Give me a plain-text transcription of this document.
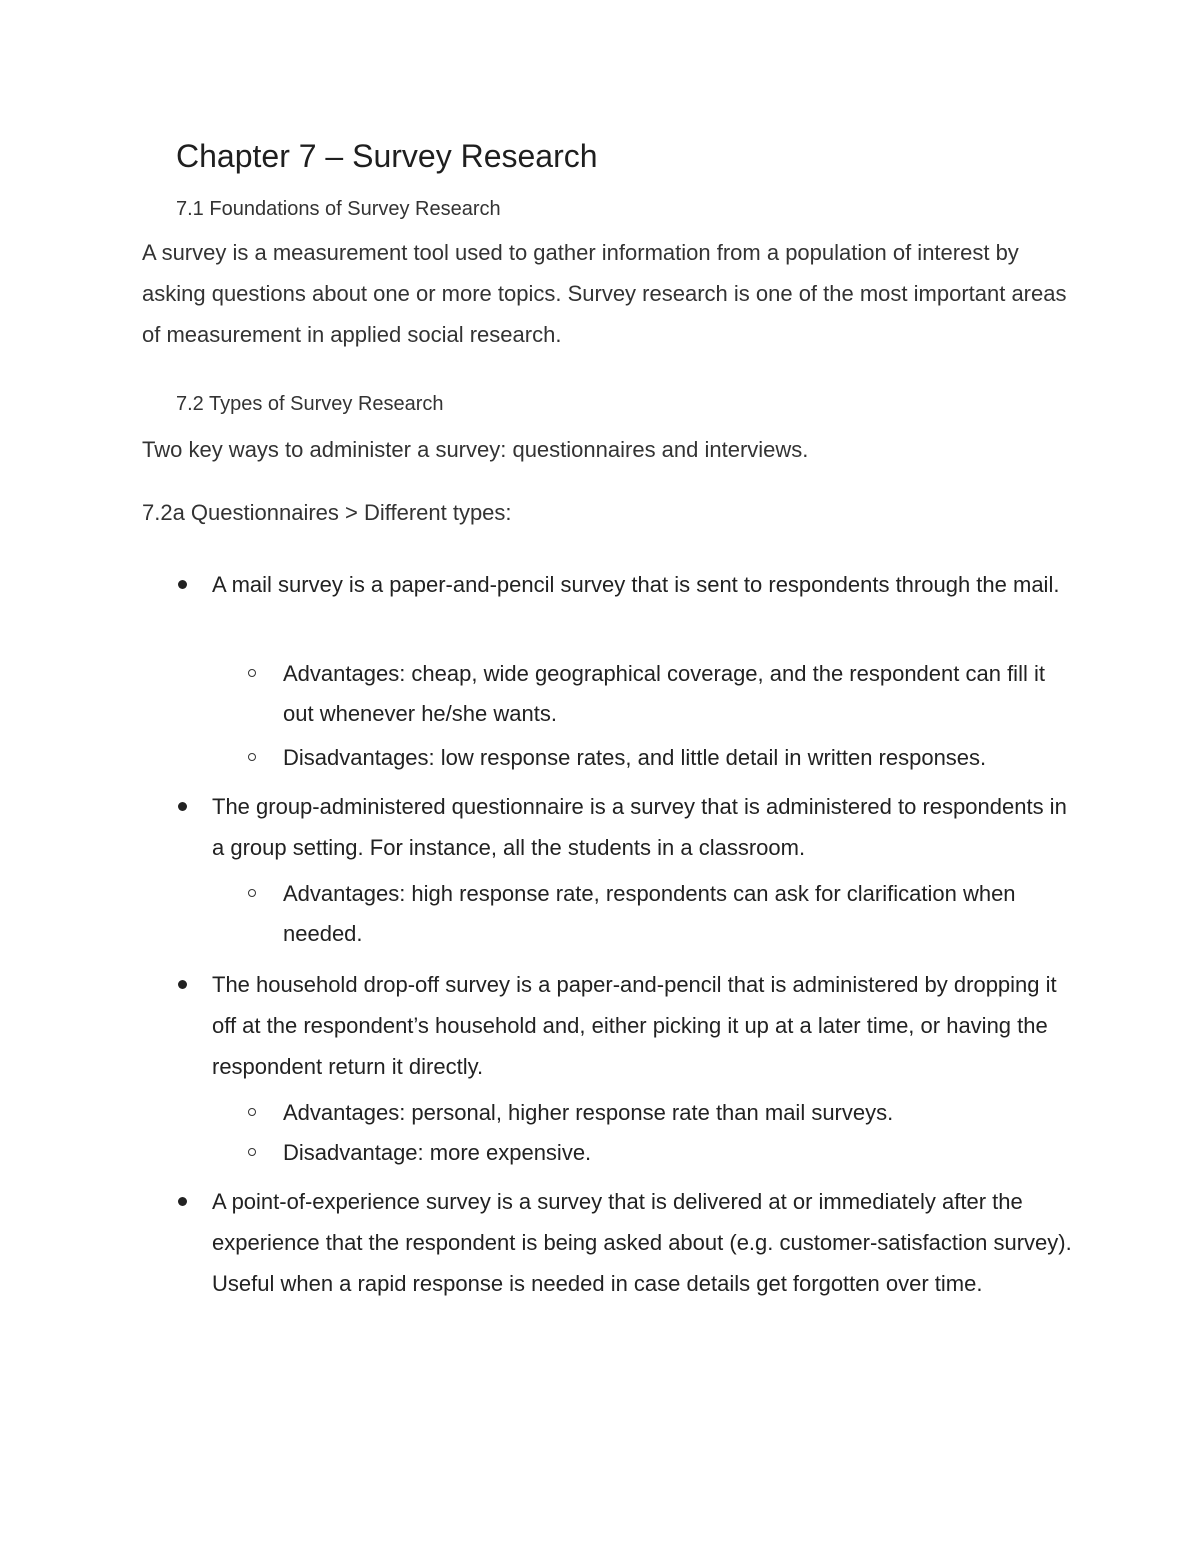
Chapter 7 – Survey Research

7.1 Foundations of Survey Research

A survey is a measurement tool used to gather information from a population of interest by asking questions about one or more topics. Survey research is one of the most important areas of measurement in applied social research.

7.2 Types of Survey Research

Two key ways to administer a survey: questionnaires and interviews.

7.2a Questionnaires > Different types:

A mail survey is a paper-and-pencil survey that is sent to respondents through the mail.
Advantages: cheap, wide geographical coverage, and the respondent can fill it out whenever he/she wants.
Disadvantages: low response rates, and little detail in written responses.
The group-administered questionnaire is a survey that is administered to respondents in a group setting. For instance, all the students in a classroom.
Advantages: high response rate, respondents can ask for clarification when needed.
The household drop-off survey is a paper-and-pencil that is administered by dropping it off at the respondent’s household and, either picking it up at a later time, or having the respondent return it directly.
Advantages: personal, higher response rate than mail surveys.
Disadvantage: more expensive.
A point-of-experience survey is a survey that is delivered at or immediately after the experience that the respondent is being asked about (e.g. customer-satisfaction survey). Useful when a rapid response is needed in case details get forgotten over time.
